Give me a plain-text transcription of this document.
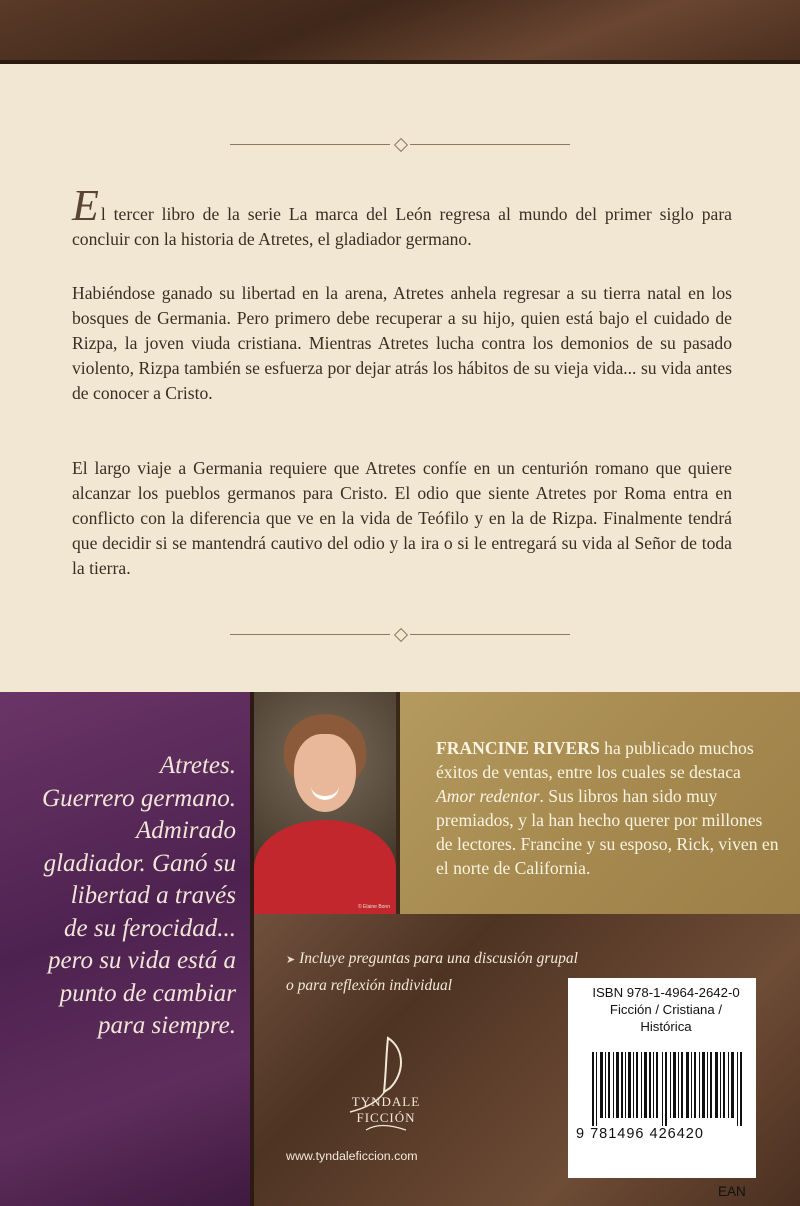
El tercer libro de la serie La marca del León regresa al mundo del primer siglo para concluir con la historia de Atretes, el gladiador germano.

Habiéndose ganado su libertad en la arena, Atretes anhela regresar a su tierra natal en los bosques de Germania. Pero primero debe recuperar a su hijo, quien está bajo el cuidado de Rizpa, la joven viuda cristiana. Mientras Atretes lucha contra los demonios de su pasado violento, Rizpa también se esfuerza por dejar atrás los hábitos de su vieja vida... su vida antes de conocer a Cristo.

El largo viaje a Germania requiere que Atretes confíe en un centurión romano que quiere alcanzar los pueblos germanos para Cristo. El odio que siente Atretes por Roma entra en conflicto con la diferencia que ve en la vida de Teófilo y en la de Rizpa. Finalmente tendrá que decidir si se mantendrá cautivo del odio y la ira o si le entregará su vida al Señor de toda la tierra.

Atretes.
Guerrero germano.
Admirado
gladiador. Ganó su
libertad a través
de su ferocidad...
pero su vida está a
punto de cambiar
para siempre.

© Elaine Bonn

FRANCINE RIVERS ha publicado muchos éxitos de ventas, entre los cuales se destaca Amor redentor. Sus libros han sido muy premiados, y la han hecho querer por millones de lectores. Francine y su esposo, Rick, viven en el norte de California.

➤ Incluye preguntas para una discusión grupal o para reflexión individual	ISBN 978-1-4964-2642-0
Ficción / Cristiana /
Histórica

9 781496 426420

EAN

TYNDALE
FICCIÓN

www.tyndaleficcion.com
